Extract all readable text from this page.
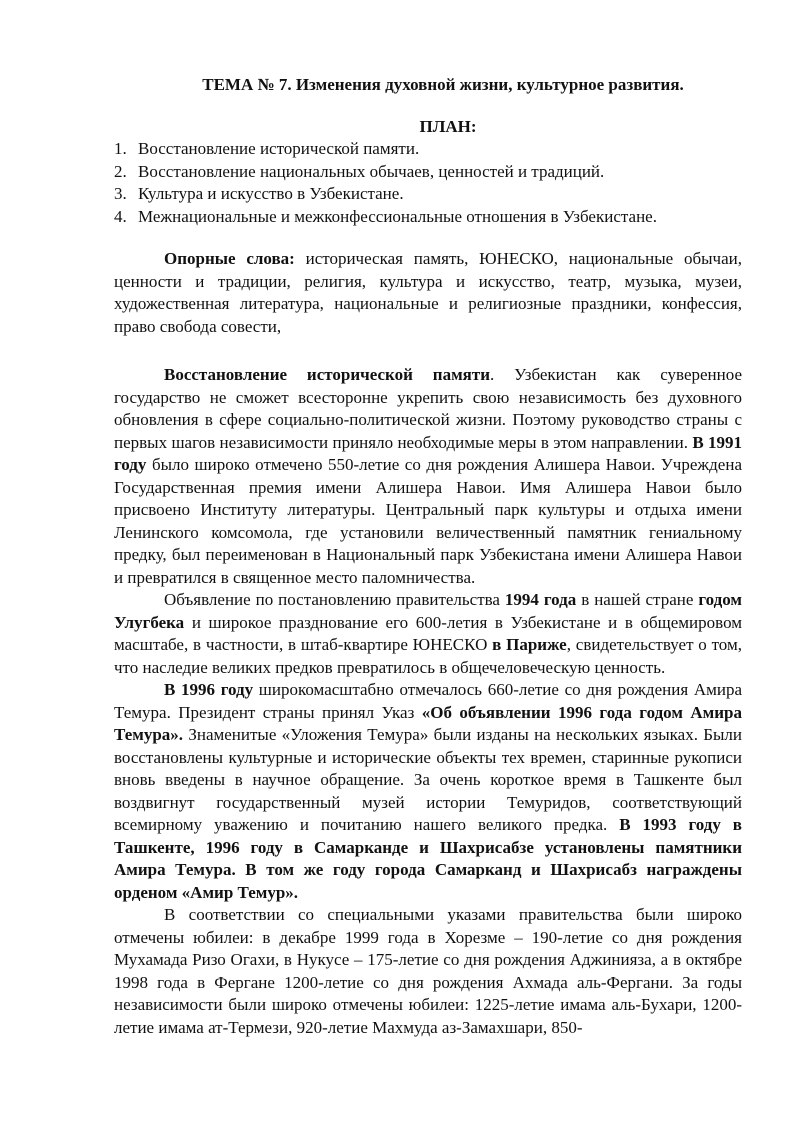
ТЕМА № 7. Изменения духовной жизни, культурное развития.
ПЛАН:
1. Восстановление исторической памяти.
2. Восстановление национальных обычаев, ценностей и традиций.
3. Культура и искусство в Узбекистане.
4. Межнациональные и межконфессиональные отношения в Узбекистане.

Опорные слова: историческая память, ЮНЕСКО, национальные обычаи, ценности и традиции, религия, культура и искусство, театр, музыка, музеи, художественная литература, национальные и религиозные праздники, конфессия, право свобода совести,

Восстановление исторической памяти. Узбекистан как суверенное государство не сможет всесторонне укрепить свою независимость без духовного обновления в сфере социально-политической жизни. Поэтому руководство страны с первых шагов независимости приняло необходимые меры в этом направлении. В 1991 году было широко отмечено 550-летие со дня рождения Алишера Навои. Учреждена Государственная премия имени Алишера Навои. Имя Алишера Навои было присвоено Институту литературы. Центральный парк культуры и отдыха имени Ленинского комсомола, где установили величественный памятник гениальному предку, был переименован в Национальный парк Узбекистана имени Алишера Навои и превратился в священное место паломничества.

Объявление по постановлению правительства 1994 года в нашей стране годом Улугбека и широкое празднование его 600-летия в Узбекистане и в общемировом масштабе, в частности, в штаб-квартире ЮНЕСКО в Париже, свидетельствует о том, что наследие великих предков превратилось в общечеловеческую ценность.

В 1996 году широкомасштабно отмечалось 660-летие со дня рождения Амира Темура. Президент страны принял Указ «Об объявлении 1996 года годом Амира Темура». Знаменитые «Уложения Темура» были изданы на нескольких языках. Были восстановлены культурные и исторические объекты тех времен, старинные рукописи вновь введены в научное обращение. За очень короткое время в Ташкенте был воздвигнут государственный музей истории Темуридов, соответствующий всемирному уважению и почитанию нашего великого предка. В 1993 году в Ташкенте, 1996 году в Самарканде и Шахрисабзе установлены памятники Амира Темура. В том же году города Самарканд и Шахрисабз награждены орденом «Амир Темур».

В соответствии со специальными указами правительства были широко отмечены юбилеи: в декабре 1999 года в Хорезме – 190-летие со дня рождения Мухамада Ризо Огахи, в Нукусе – 175-летие со дня рождения Аджинияза, а в октябре 1998 года в Фергане 1200-летие со дня рождения Ахмада аль-Фергани. За годы независимости были широко отмечены юбилеи: 1225-летие имама аль-Бухари, 1200-летие имама ат-Термези, 920-летие Махмуда аз-Замахшари, 850-
